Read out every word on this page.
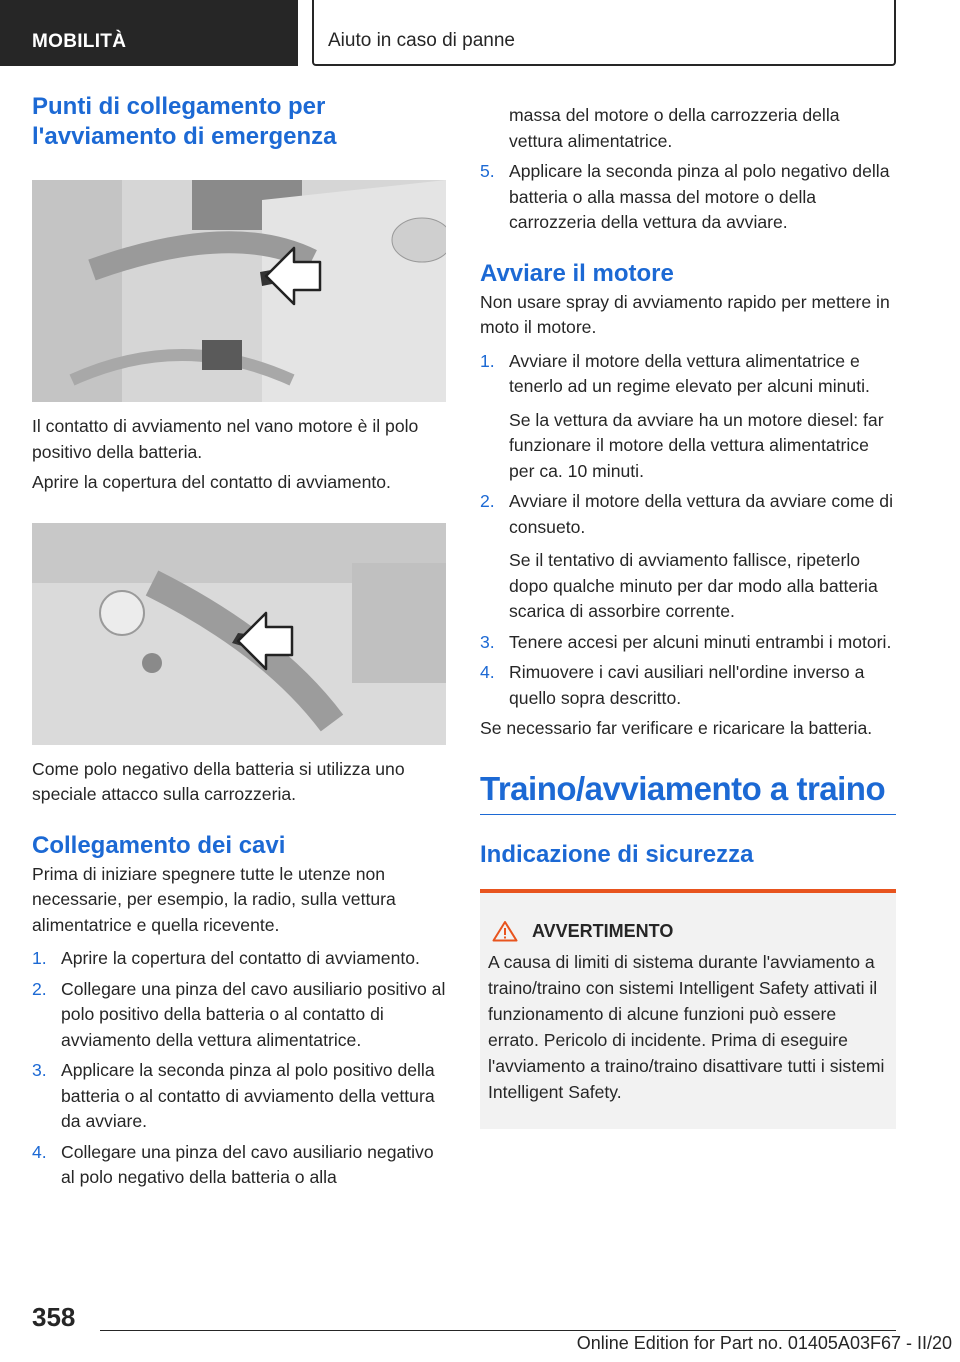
MOBILITÀ	Aiuto in caso di panne
Punti di collegamento per l'avviamento di emergenza

Il contatto di avviamento nel vano motore è il polo positivo della batteria.

Aprire la copertura del contatto di avviamento.

Come polo negativo della batteria si utilizza uno speciale attacco sulla carrozzeria.

Collegamento dei cavi

Prima di iniziare spegnere tutte le utenze non necessarie, per esempio, la radio, sulla vettura alimentatrice e quella ricevente.

1. Aprire la copertura del contatto di avviamento.
2. Collegare una pinza del cavo ausiliario positivo al polo positivo della batteria o al contatto di avviamento della vettura alimentatrice.
3. Applicare la seconda pinza al polo positivo della batteria o al contatto di avviamento della vettura da avviare.
4. Collegare una pinza del cavo ausiliario negativo al polo negativo della batteria o alla

massa del motore o della carrozzeria della vettura alimentatrice.

5. Applicare la seconda pinza al polo negativo della batteria o alla massa del motore o della carrozzeria della vettura da avviare.
Avviare il motore

Non usare spray di avviamento rapido per mettere in moto il motore.

1. Avviare il motore della vettura alimentatrice e tenerlo ad un regime elevato per alcuni minuti.

Se la vettura da avviare ha un motore diesel: far funzionare il motore della vettura alimentatrice per ca. 10 minuti.

2. Avviare il motore della vettura da avviare come di consueto.

Se il tentativo di avviamento fallisce, ripeterlo dopo qualche minuto per dar modo alla batteria scarica di assorbire corrente.

3. Tenere accesi per alcuni minuti entrambi i motori.
4. Rimuovere i cavi ausiliari nell'ordine inverso a quello sopra descritto.

Se necessario far verificare e ricaricare la batteria.

Traino/avviamento a traino
Indicazione di sicurezza
AVVERTIMENTO

A causa di limiti di sistema durante l'avviamento a traino/traino con sistemi Intelligent Safety attivati il funzionamento di alcune funzioni può essere errato. Pericolo di incidente. Prima di eseguire l'avviamento a traino/traino disattivare tutti i sistemi Intelligent Safety.

358
Online Edition for Part no. 01405A03F67 - II/20
